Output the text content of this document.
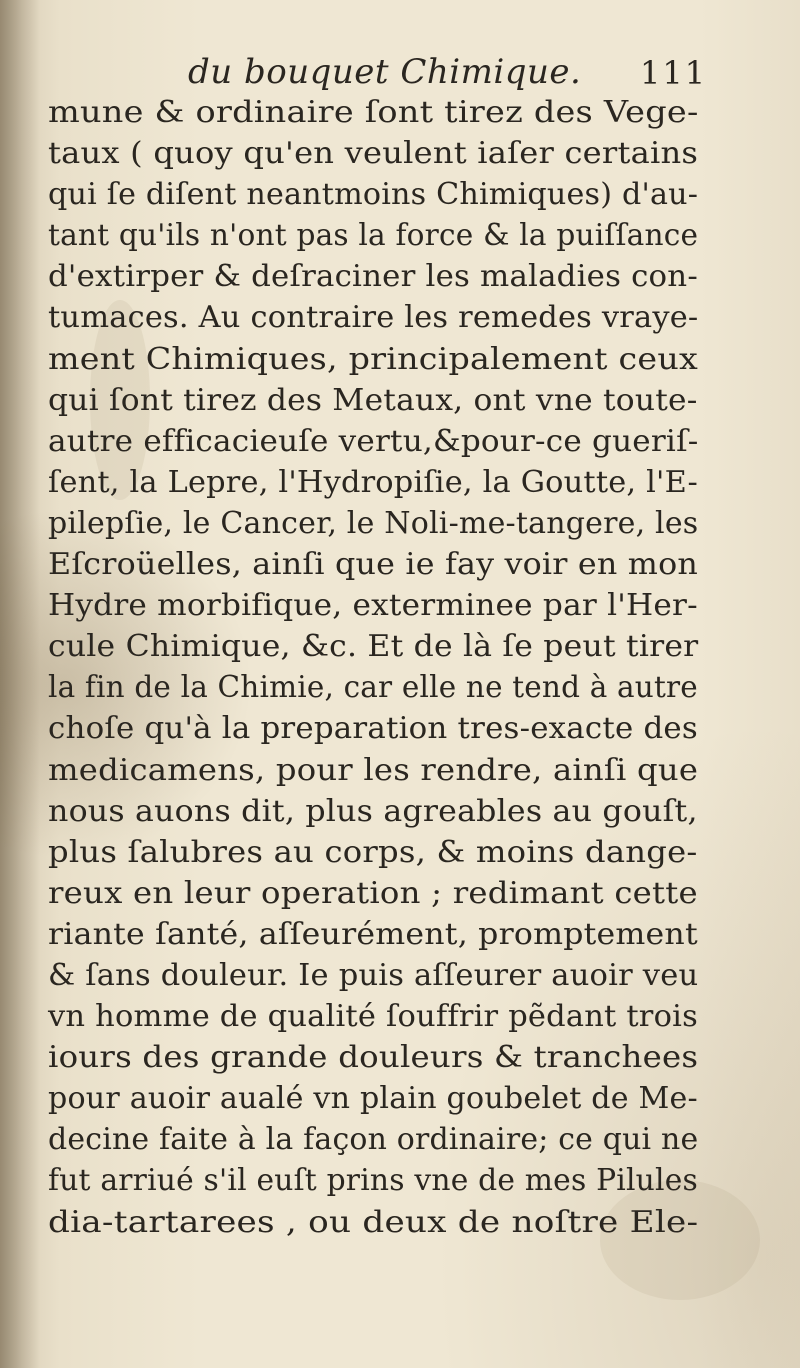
du bouquet Chimique. 111
mune & ordinaire ſont tirez des Vege-
taux ( quoy qu'en veulent iaſer certains
qui ſe diſent neantmoins Chimiques) d'au-
tant qu'ils n'ont pas la force & la puiſſance
d'extirper & deſraciner les maladies con-
tumaces. Au contraire les remedes vraye-
ment Chimiques, principalement ceux
qui ſont tirez des Metaux, ont vne toute-
autre efficacieuſe vertu,&pour-ce gueriſ-
ſent, la Lepre, l'Hydropiſie, la Goutte, l'E-
pilepſie, le Cancer, le Noli-me-tangere, les
Eſcroüelles, ainſi que ie fay voir en mon
Hydre morbifique, exterminee par l'Her-
cule Chimique, &c. Et de là ſe peut tirer
la fin de la Chimie, car elle ne tend à autre
choſe qu'à la preparation tres-exacte des
medicamens, pour les rendre, ainſi que
nous auons dit, plus agreables au gouſt,
plus ſalubres au corps, & moins dange-
reux en leur operation ; redimant cette
riante ſanté, aſſeurément, promptement
& ſans douleur. Ie puis aſſeurer auoir veu
vn homme de qualité ſouffrir pẽdant trois
iours des grande douleurs & tranchees
pour auoir aualé vn plain goubelet de Me-
decine faite à la façon ordinaire; ce qui ne
fut arriué s'il euſt prins vne de mes Pilules
dia-tartarees , ou deux de noſtre Ele-
